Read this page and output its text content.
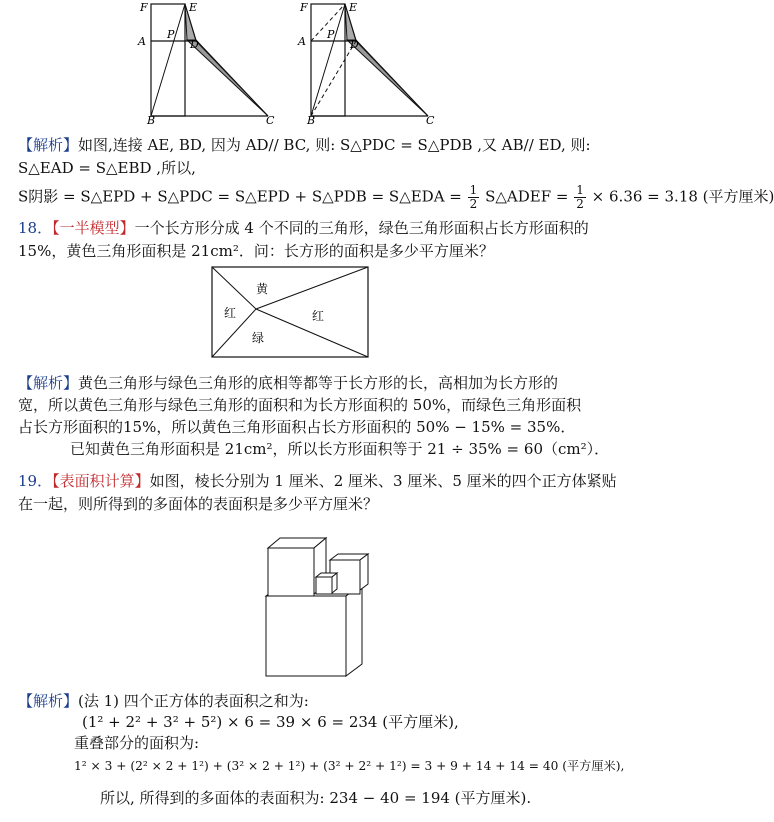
F	E
A
P
D
B	C
F	E
A
P
D
B	C
【解析】如图,连接 AE, BD, 因为 AD// BC, 则: S△PDC = S△PDB ,又 AB// ED, 则:
S△EAD = S△EBD ,所以,
S阴影 = S△EPD + S△PDC = S△EPD + S△PDB = S△EDA = $\frac{1}{2}$ S△ADEF = $\frac{1}{2} \times 6.36 = 3.18$ (平方厘米)
18．【一半模型】一个长方形分成 4 个不同的三角形，绿色三角形面积占长方形面积的
15%，黄色三角形面积是 21cm²．问：长方形的面积是多少平方厘米？
黄
红	红
绿
【解析】黄色三角形与绿色三角形的底相等都等于长方形的长，高相加为长方形的
宽，所以黄色三角形与绿色三角形的面积和为长方形面积的 50%，而绿色三角形面积
占长方形面积的15%，所以黄色三角形面积占长方形面积的 50% − 15% = 35%．
已知黄色三角形面积是 21cm²，所以长方形面积等于 21 ÷ 35% = 60（cm²）．
19．【表面积计算】如图，棱长分别为 1 厘米、2 厘米、3 厘米、5 厘米的四个正方体紧贴
在一起，则所得到的多面体的表面积是多少平方厘米？
【解析】(法 1) 四个正方体的表面积之和为:
(1² + 2² + 3² + 5²) × 6 = 39 × 6 = 234 (平方厘米),
重叠部分的面积为:
1² × 3 + (2² × 2 + 1²) + (3² × 2 + 1²) + (3² + 2² + 1²) = 3 + 9 + 14 + 14 = 40 (平方厘米),
所以, 所得到的多面体的表面积为: 234 − 40 = 194 (平方厘米).
